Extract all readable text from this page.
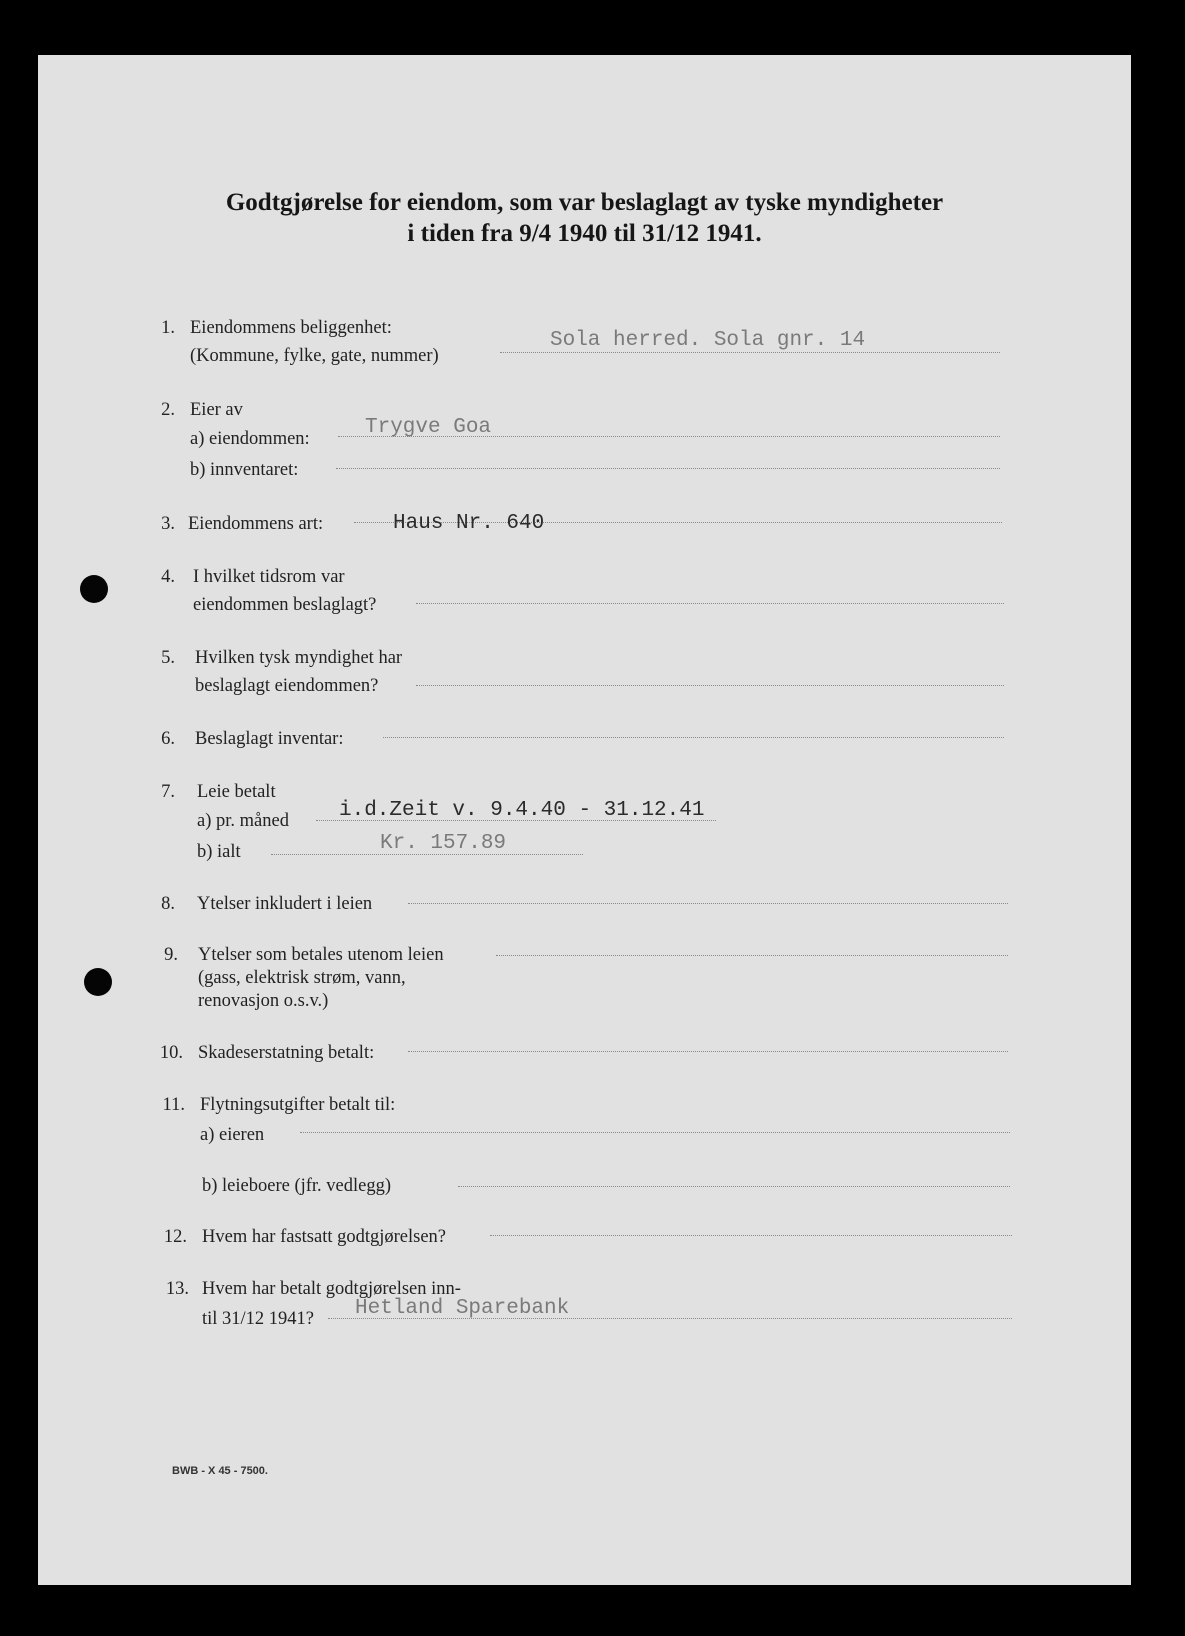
Godtgjørelse for eiendom, som var beslaglagt av tyske myndigheter
i tiden fra 9/4 1940 til 31/12 1941.
1. Eiendommens beliggenhet:
(Kommune, fylke, gate, nummer)
Sola herred. Sola gnr. 14
2. Eier av
a) eiendommen:	Trygve Goa
b) innventaret:
3. Eiendommens art:	Haus Nr. 640
4. I hvilket tidsrom var
eiendommen beslaglagt?
5. Hvilken tysk myndighet har
beslaglagt eiendommen?
6. Beslaglagt inventar:
7. Leie betalt
a) pr. måned i.d.Zeit v. 9.4.40 - 31.12.41
b) ialt	Kr. 157.89
8. Ytelser inkludert i leien
9. Ytelser som betales utenom leien
(gass, elektrisk strøm, vann,
renovasjon o.s.v.)
10. Skadeserstatning betalt:
11. Flytningsutgifter betalt til:
a) eieren
b) leieboere (jfr. vedlegg)
12. Hvem har fastsatt godtgjørelsen?
13. Hvem har betalt godtgjørelsen inn-
til 31/12 1941? Hetland Sparebank
BWB - X 45 - 7500.
